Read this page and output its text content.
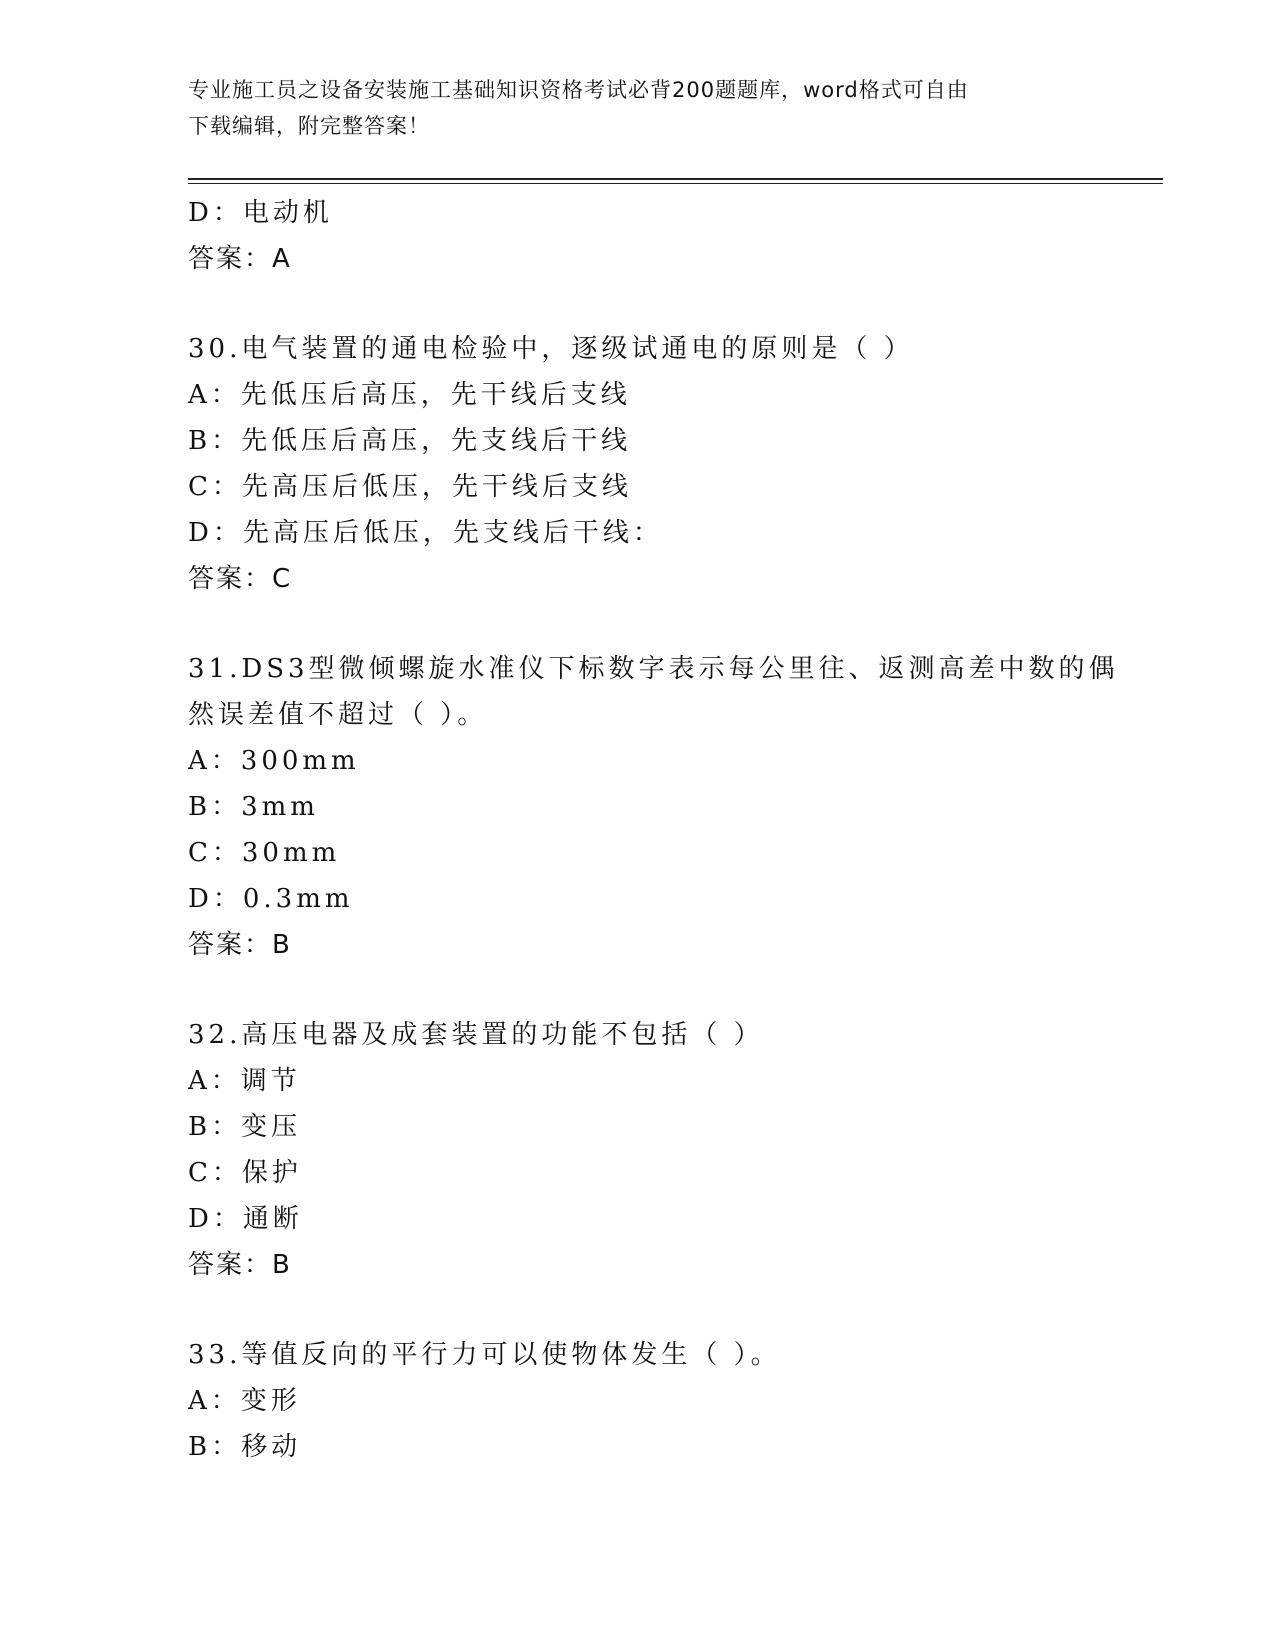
专业施工员之设备安装施工基础知识资格考试必背200题题库，word格式可自由
下载编辑，附完整答案！
D：电动机
答案：A
30.电气装置的通电检验中，逐级试通电的原则是（ ）
A：先低压后高压，先干线后支线
B：先低压后高压，先支线后干线
C：先高压后低压，先干线后支线
D：先高压后低压，先支线后干线：
答案：C
31.DS3型微倾螺旋水准仪下标数字表示每公里往、返测高差中数的偶
然误差值不超过（ ）。
A：300mm
B：3mm
C：30mm
D：0.3mm
答案：B
32.高压电器及成套装置的功能不包括（ ）
A：调节
B：变压
C：保护
D：通断
答案：B
33.等值反向的平行力可以使物体发生（ ）。
A：变形
B：移动
